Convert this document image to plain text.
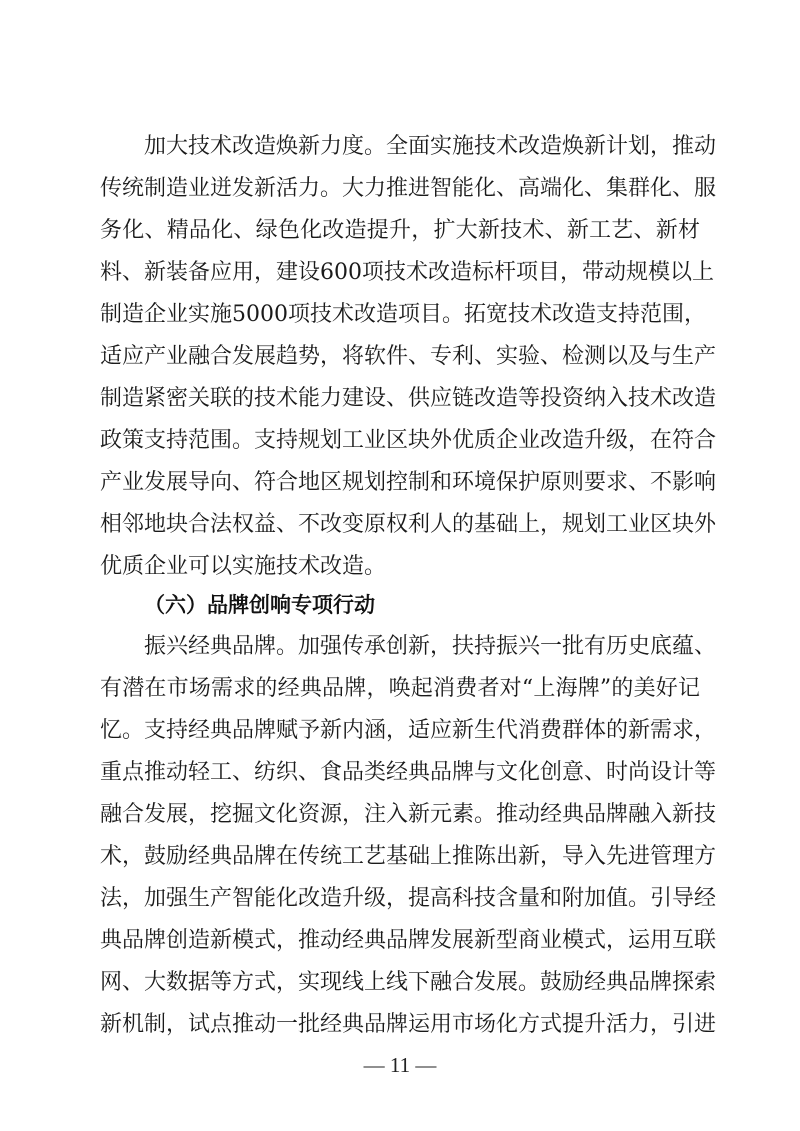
加大技术改造焕新力度。全面实施技术改造焕新计划，推动
传统制造业迸发新活力。大力推进智能化、高端化、集群化、服
务化、精品化、绿色化改造提升，扩大新技术、新工艺、新材
料、新装备应用，建设600项技术改造标杆项目，带动规模以上
制造企业实施5000项技术改造项目。拓宽技术改造支持范围，
适应产业融合发展趋势，将软件、专利、实验、检测以及与生产
制造紧密关联的技术能力建设、供应链改造等投资纳入技术改造
政策支持范围。支持规划工业区块外优质企业改造升级，在符合
产业发展导向、符合地区规划控制和环境保护原则要求、不影响
相邻地块合法权益、不改变原权利人的基础上，规划工业区块外
优质企业可以实施技术改造。
（六）品牌创响专项行动
振兴经典品牌。加强传承创新，扶持振兴一批有历史底蕴、
有潜在市场需求的经典品牌，唤起消费者对“上海牌”的美好记
忆。支持经典品牌赋予新内涵，适应新生代消费群体的新需求，
重点推动轻工、纺织、食品类经典品牌与文化创意、时尚设计等
融合发展，挖掘文化资源，注入新元素。推动经典品牌融入新技
术，鼓励经典品牌在传统工艺基础上推陈出新，导入先进管理方
法，加强生产智能化改造升级，提高科技含量和附加值。引导经
典品牌创造新模式，推动经典品牌发展新型商业模式，运用互联
网、大数据等方式，实现线上线下融合发展。鼓励经典品牌探索
新机制，试点推动一批经典品牌运用市场化方式提升活力，引进
— 11 —
